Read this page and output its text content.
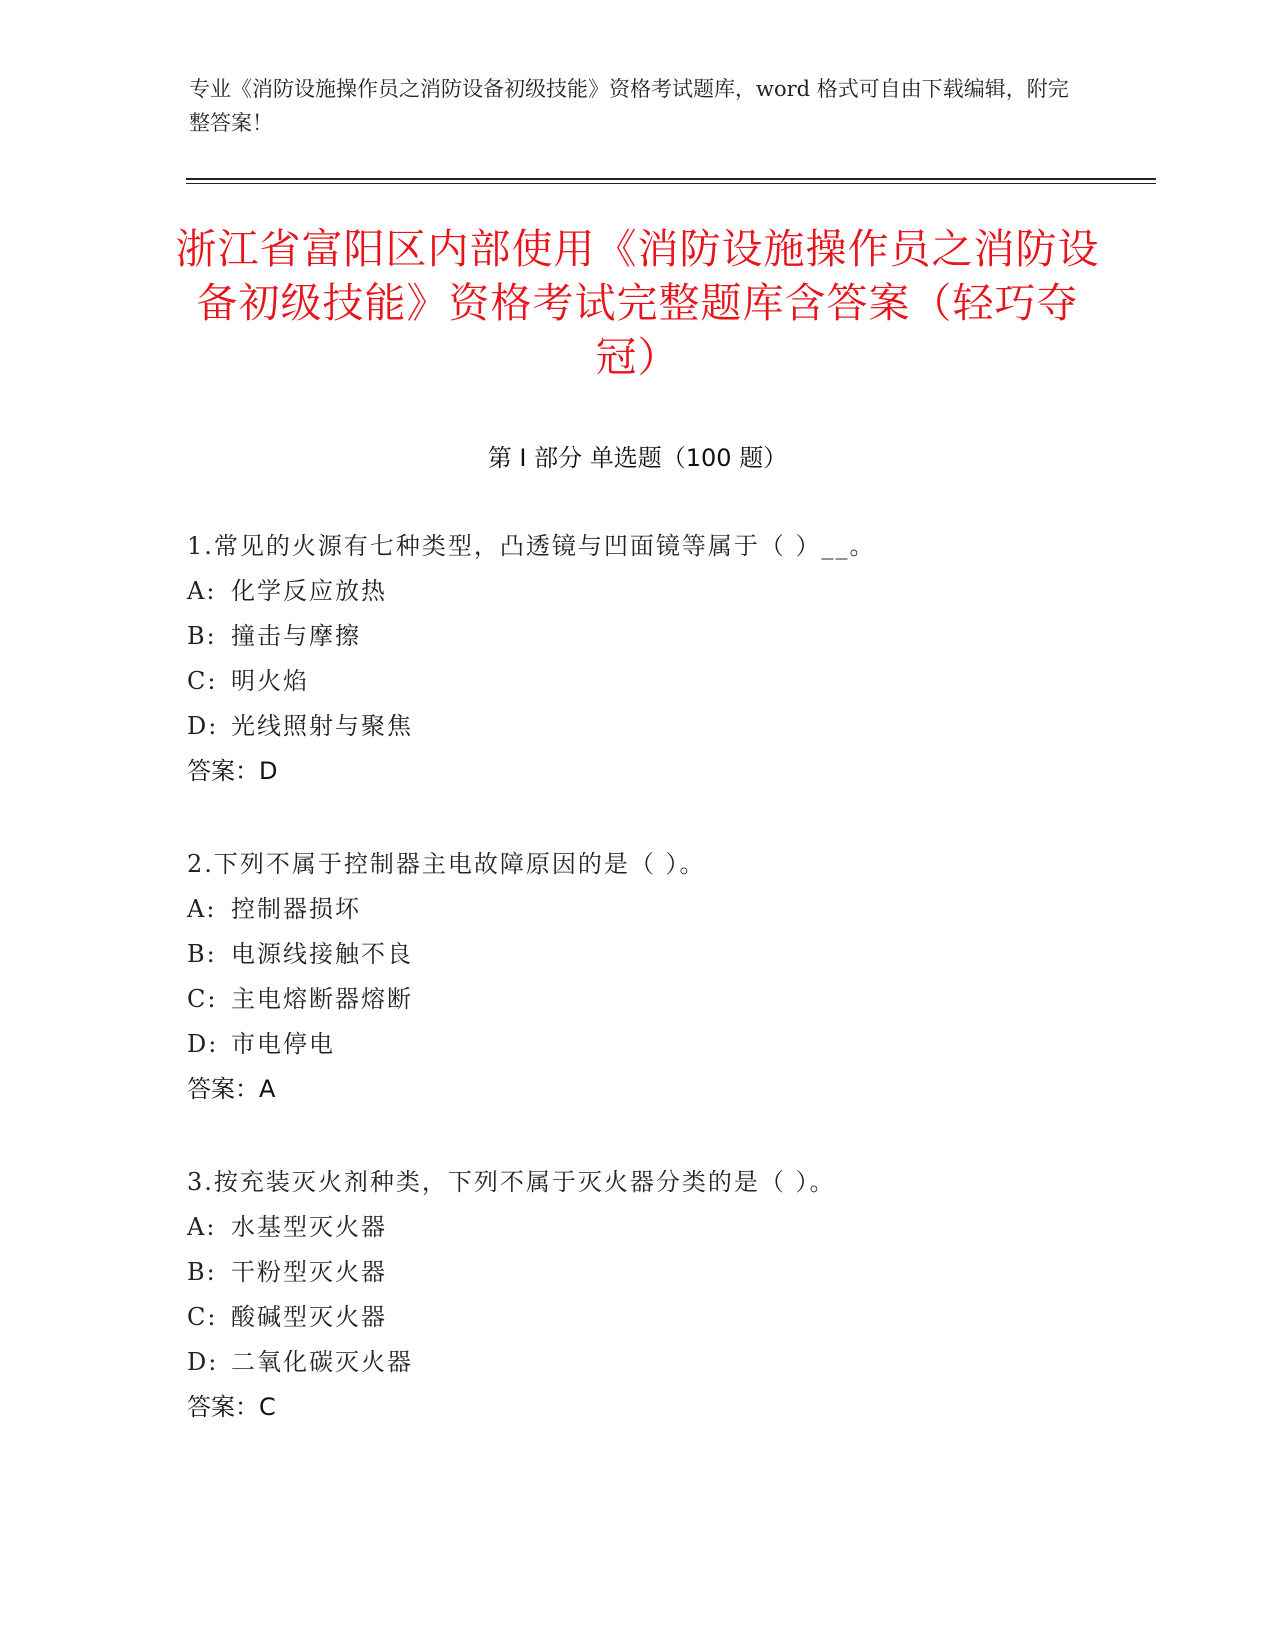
专业《消防设施操作员之消防设备初级技能》资格考试题库，word 格式可自由下载编辑，附完整答案！
浙江省富阳区内部使用《消防设施操作员之消防设备初级技能》资格考试完整题库含答案（轻巧夺冠）
第 I 部分 单选题（100 题）
1.常见的火源有七种类型，凸透镜与凹面镜等属于（ ）__。
A: 化学反应放热
B: 撞击与摩擦
C: 明火焰
D: 光线照射与聚焦
答案：D
2.下列不属于控制器主电故障原因的是（ ）。
A: 控制器损坏
B: 电源线接触不良
C: 主电熔断器熔断
D: 市电停电
答案：A
3.按充装灭火剂种类，下列不属于灭火器分类的是（ ）。
A: 水基型灭火器
B: 干粉型灭火器
C: 酸碱型灭火器
D: 二氧化碳灭火器
答案：C
